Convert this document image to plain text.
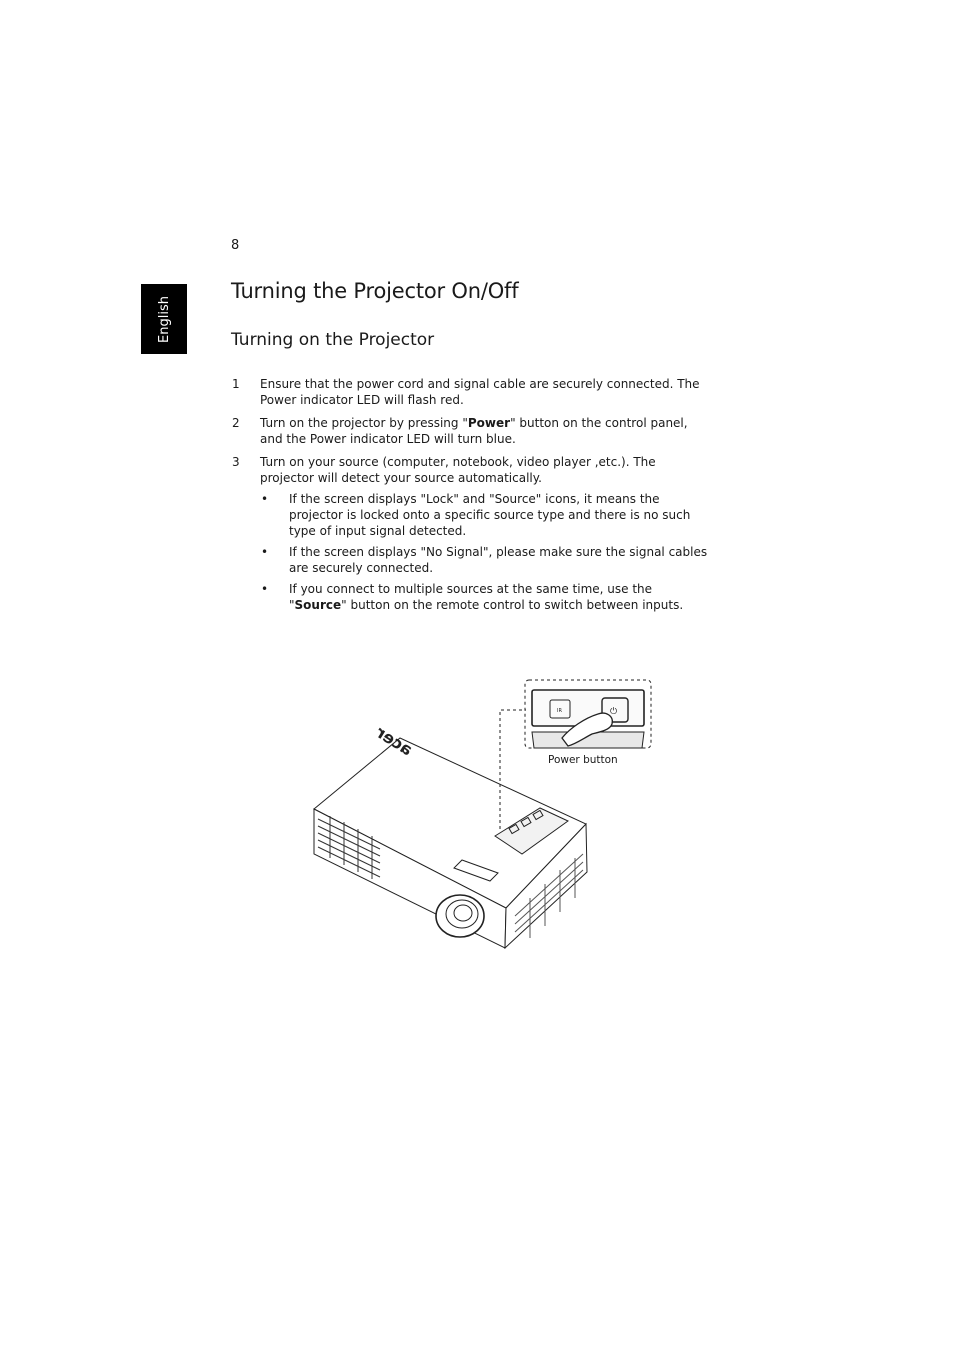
8
English
Turning the Projector On/Off
Turning on the Projector
1 Ensure that the power cord and signal cable are securely connected. The Power indicator LED will flash red.
2 Turn on the projector by pressing "Power" button on the control panel, and the Power indicator LED will turn blue.
3 Turn on your source (computer, notebook, video player ,etc.). The projector will detect your source automatically.
• If the screen displays "Lock" and "Source" icons, it means the projector is locked onto a specific source type and there is no such type of input signal detected.
• If the screen displays "No Signal", please make sure the signal cables are securely connected.
• If you connect to multiple sources at the same time, use the "Source" button on the remote control to switch between inputs.
acer
IR	⏻
Power button
